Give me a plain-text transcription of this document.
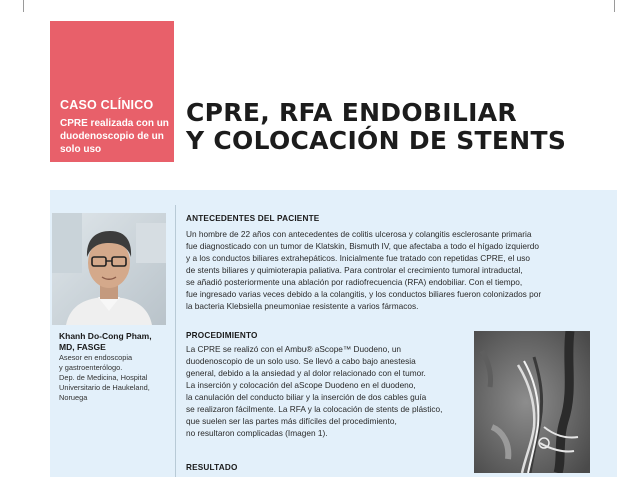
CASO CLÍNICO
CPRE realizada con un duodenoscopio de un solo uso
CPRE, RFA ENDOBILIAR
Y COLOCACIÓN DE STENTS
Khanh Do-Cong Pham,
MD, FASGE
Asesor en endoscopia
y gastroenterólogo.
Dep. de Medicina, Hospital
Universitario de Haukeland,
Noruega
ANTECEDENTES DEL PACIENTE
Un hombre de 22 años con antecedentes de colitis ulcerosa y colangitis esclerosante primaria
fue diagnosticado con un tumor de Klatskin, Bismuth IV, que afectaba a todo el hígado izquierdo
y a los conductos biliares extrahepáticos. Inicialmente fue tratado con repetidas CPRE, el uso
de stents biliares y quimioterapia paliativa. Para controlar el crecimiento tumoral intraductal,
se añadió posteriormente una ablación por radiofrecuencia (RFA) endobiliar. Con el tiempo,
fue ingresado varias veces debido a la colangitis, y los conductos biliares fueron colonizados por
la bacteria Klebsiella pneumoniae resistente a varios fármacos.
PROCEDIMIENTO
La CPRE se realizó con el Ambu® aScope™ Duodeno, un
duodenoscopio de un solo uso. Se llevó a cabo bajo anestesia
general, debido a la ansiedad y al dolor relacionado con el tumor.
La inserción y colocación del aScope Duodeno en el duodeno,
la canulación del conducto biliar y la inserción de dos cables guía
se realizaron fácilmente. La RFA y la colocación de stents de plástico,
que suelen ser las partes más difíciles del procedimiento,
no resultaron complicadas (Imagen 1).
RESULTADO
